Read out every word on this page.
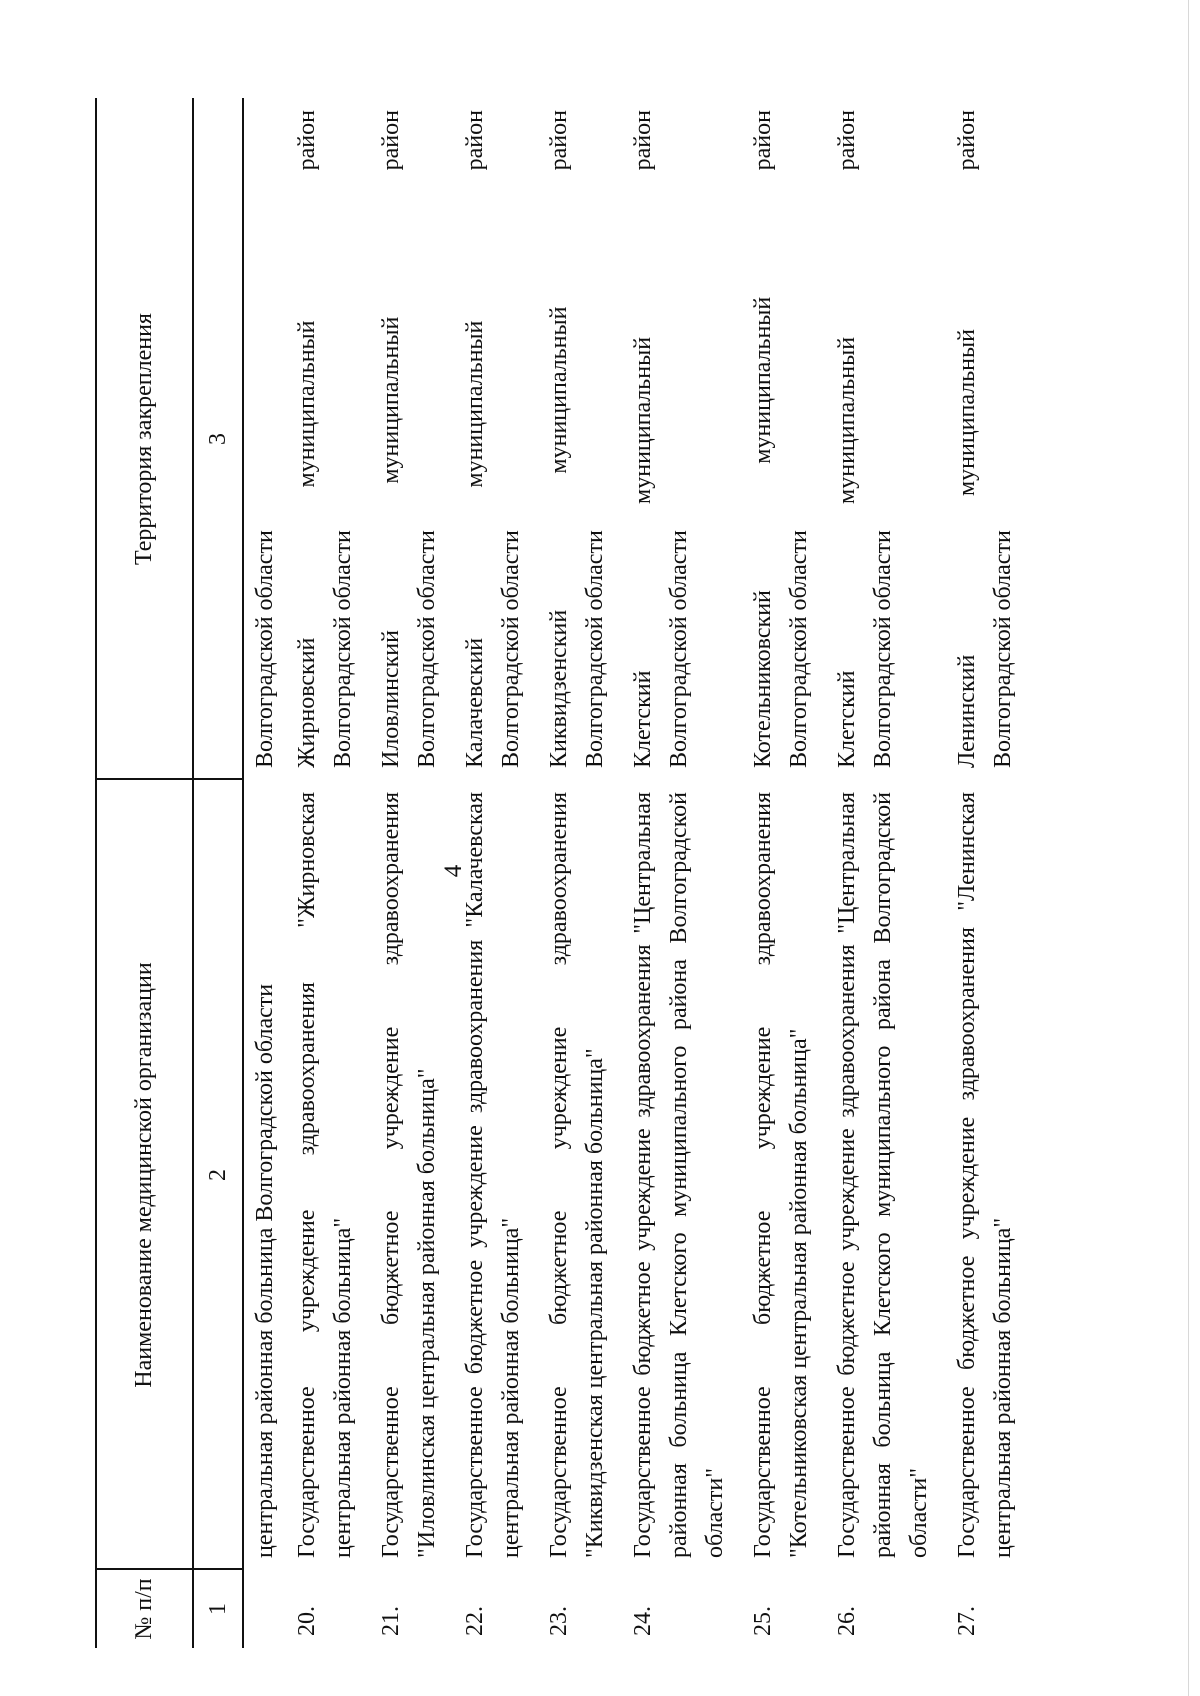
4
№ п/п
Наименование медицинской организации
Территория закрепления
1
2
3
центральная районная больница Волгоградской области
Волгоградской области
20.
Государственное учреждение здравоохранения "Жирновская центральная районная больница"
Жирновский муниципальный район Волгоградской области
21.
Государственное бюджетное учреждение здравоохранения "Иловлинская центральная районная больница"
Иловлинский муниципальный район Волгоградской области
22.
Государственное бюджетное учреждение здравоохранения "Калачевская центральная районная больница"
Калачевский муниципальный район Волгоградской области
23.
Государственное бюджетное учреждение здравоохранения "Киквидзенская центральная районная больница"
Киквидзенский муниципальный район Волгоградской области
24.
Государственное бюджетное учреждение здравоохранения "Центральная районная больница Клетского муниципального района Волгоградской области"
Клетский муниципальный район Волгоградской области
25.
Государственное бюджетное учреждение здравоохранения "Котельниковская центральная районная больница"
Котельниковский муниципальный район Волгоградской области
26.
Государственное бюджетное учреждение здравоохранения "Центральная районная больница Клетского муниципального района Волгоградской области"
Клетский муниципальный район Волгоградской области
27.
Государственное бюджетное учреждение здравоохранения "Ленинская центральная районная больница"
Ленинский муниципальный район Волгоградской области
